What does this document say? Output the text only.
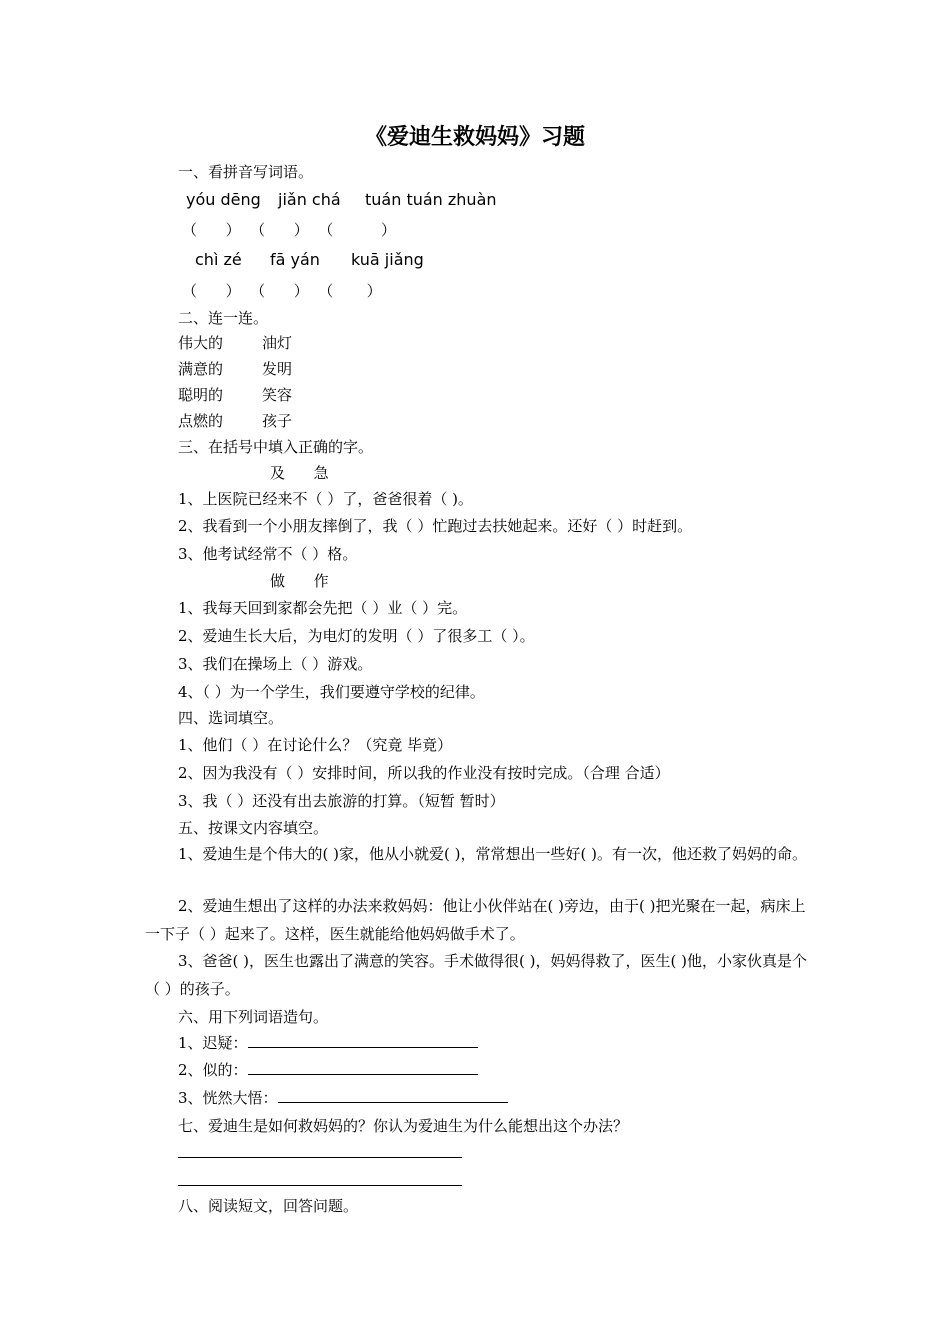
《爱迪生救妈妈》习题
一、看拼音写词语。
yóu dēng jiǎn chá tuán tuán zhuàn
（      ）  （      ）  （          ）
chì zé fā yán kuā jiǎng
（      ）  （      ）  （       ）
二、连一连。
伟大的	油灯
满意的	发明
聪明的	笑容
点燃的	孩子
三、在括号中填入正确的字。
及      急
1、上医院已经来不（ ）了，爸爸很着（ )。
2、我看到一个小朋友摔倒了，我（ ）忙跑过去扶她起来。还好（ ）时赶到。
3、他考试经常不（ ）格。
做      作
1、我每天回到家都会先把（ ）业（ ）完。
2、爱迪生长大后，为电灯的发明（ ）了很多工（ ）。
3、我们在操场上（ ）游戏。
4、（ ）为一个学生，我们要遵守学校的纪律。
四、选词填空。
1、他们（ ）在讨论什么？（究竟 毕竟）
2、因为我没有（ ）安排时间，所以我的作业没有按时完成。（合理 合适）
3、我（ ）还没有出去旅游的打算。（短暂 暂时）
五、按课文内容填空。
1、爱迪生是个伟大的( )家，他从小就爱( )，常常想出一些好( )。有一次，他还救了妈妈的命。
2、爱迪生想出了这样的办法来救妈妈：他让小伙伴站在( )旁边，由于( )把光聚在一起，病床上一下子（ ）起来了。这样，医生就能给他妈妈做手术了。
3、爸爸( )，医生也露出了满意的笑容。手术做得很( )，妈妈得救了，医生( )他，小家伙真是个（ ）的孩子。
六、用下列词语造句。
1、迟疑：
2、似的：
3、恍然大悟：
七、爱迪生是如何救妈妈的？你认为爱迪生为什么能想出这个办法？
八、阅读短文，回答问题。
